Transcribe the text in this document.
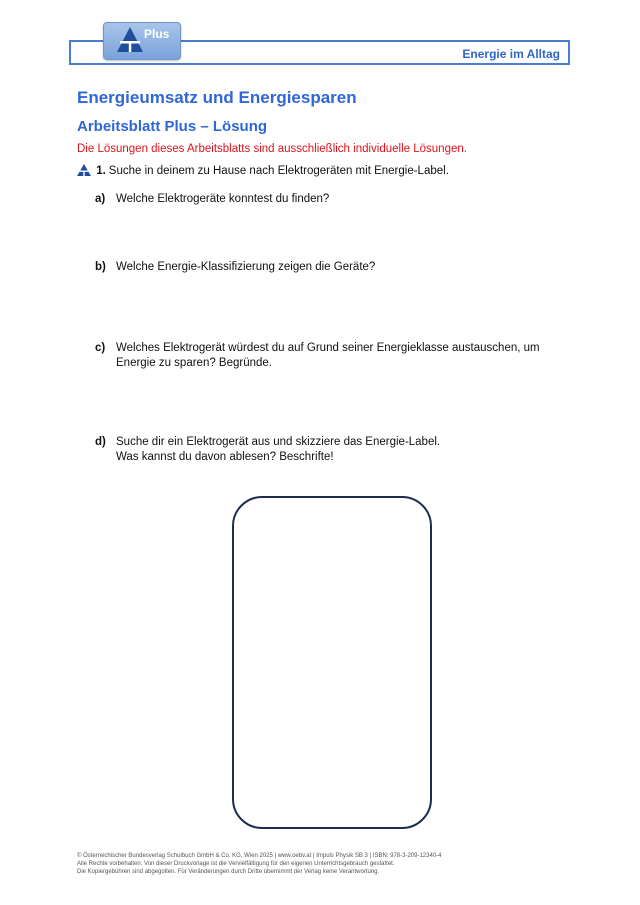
Energie im Alltag
Plus
Energieumsatz und Energiesparen
Arbeitsblatt Plus – Lösung
Die Lösungen dieses Arbeitsblatts sind ausschließlich individuelle Lösungen.
1. Suche in deinem zu Hause nach Elektrogeräten mit Energie-Label.
a) Welche Elektrogeräte konntest du finden?
b) Welche Energie-Klassifizierung zeigen die Geräte?
c) Welches Elektrogerät würdest du auf Grund seiner Energieklasse austauschen, um
Energie zu sparen? Begründe.
d) Suche dir ein Elektrogerät aus und skizziere das Energie-Label.
Was kannst du davon ablesen? Beschrifte!
© Österreichischer Bundesverlag Schulbuch GmbH & Co. KG, Wien 2025 | www.oebv.at | Impuls Physik SB 3 | ISBN: 978-3-209-12340-4
Alle Rechte vorbehalten. Von dieser Druckvorlage ist die Vervielfältigung für den eigenen Unterrichtsgebrauch gestattet.
Die Kopiergebühren sind abgegolten. Für Veränderungen durch Dritte übernimmt der Verlag keine Verantwortung.
